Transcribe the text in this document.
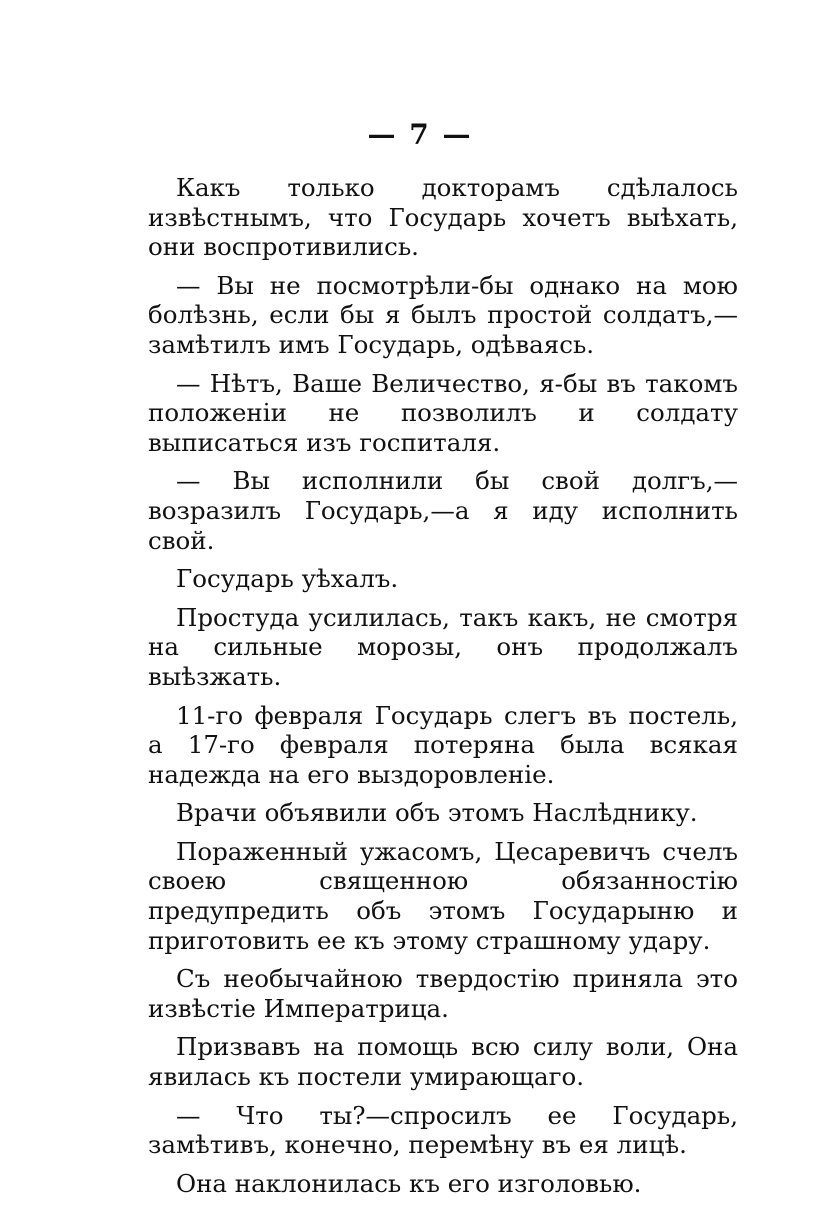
— 7 —

Какъ только докторамъ сдѣлалось извѣстнымъ, что Государь хочетъ выѣхать, они воспротивились.

— Вы не посмотрѣли-бы однако на мою болѣзнь, если бы я былъ простой солдатъ,—замѣтилъ имъ Государь, одѣваясь.

— Нѣтъ, Ваше Величество, я-бы въ такомъ положенiи не позволилъ и солдату выписаться изъ госпиталя.

— Вы исполнили бы свой долгъ,—возразилъ Государь,—а я иду исполнить свой.

Государь уѣхалъ.

Простуда усилилась, такъ какъ, не смотря на сильные морозы, онъ продолжалъ выѣзжать.

11-го февраля Государь слегъ въ постель, а 17-го февраля потеряна была всякая надежда на его выздоровленiе.

Врачи объявили объ этомъ Наслѣднику.

Пораженный ужасомъ, Цесаревичъ счелъ своею священною обязанностiю предупредить объ этомъ Государыню и приготовить ее къ этому страшному удару.

Съ необычайною твердостiю приняла это извѣстiе Императрица.

Призвавъ на помощь всю силу воли, Она явилась къ постели умирающаго.

— Что ты?—спросилъ ее Государь, замѣтивъ, конечно, перемѣну въ ея лицѣ.

Она наклонилась къ его изголовью.
